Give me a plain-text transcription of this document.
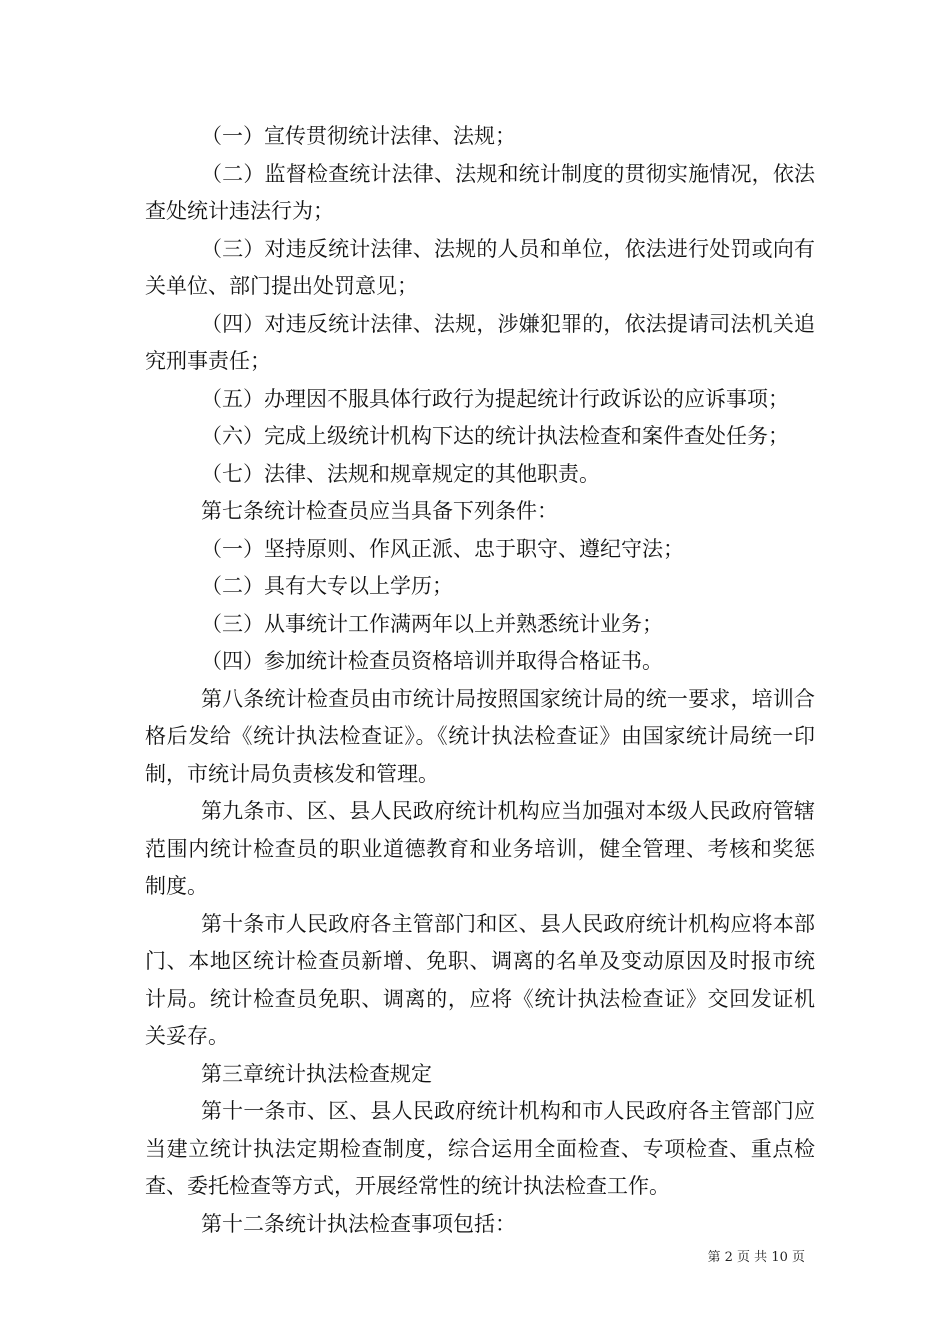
（一）宣传贯彻统计法律、法规；

（二）监督检查统计法律、法规和统计制度的贯彻实施情况，依法查处统计违法行为；

（三）对违反统计法律、法规的人员和单位，依法进行处罚或向有关单位、部门提出处罚意见；

（四）对违反统计法律、法规，涉嫌犯罪的，依法提请司法机关追究刑事责任；

（五）办理因不服具体行政行为提起统计行政诉讼的应诉事项；

（六）完成上级统计机构下达的统计执法检查和案件查处任务；

（七）法律、法规和规章规定的其他职责。

第七条统计检查员应当具备下列条件：

（一）坚持原则、作风正派、忠于职守、遵纪守法；

（二）具有大专以上学历；

（三）从事统计工作满两年以上并熟悉统计业务；

（四）参加统计检查员资格培训并取得合格证书。

第八条统计检查员由市统计局按照国家统计局的统一要求，培训合格后发给《统计执法检查证》。《统计执法检查证》由国家统计局统一印制，市统计局负责核发和管理。

第九条市、区、县人民政府统计机构应当加强对本级人民政府管辖范围内统计检查员的职业道德教育和业务培训，健全管理、考核和奖惩制度。

第十条市人民政府各主管部门和区、县人民政府统计机构应将本部门、本地区统计检查员新增、免职、调离的名单及变动原因及时报市统计局。统计检查员免职、调离的，应将《统计执法检查证》交回发证机关妥存。

第三章统计执法检查规定

第十一条市、区、县人民政府统计机构和市人民政府各主管部门应当建立统计执法定期检查制度，综合运用全面检查、专项检查、重点检查、委托检查等方式，开展经常性的统计执法检查工作。

第十二条统计执法检查事项包括：

第 2 页 共 10 页
